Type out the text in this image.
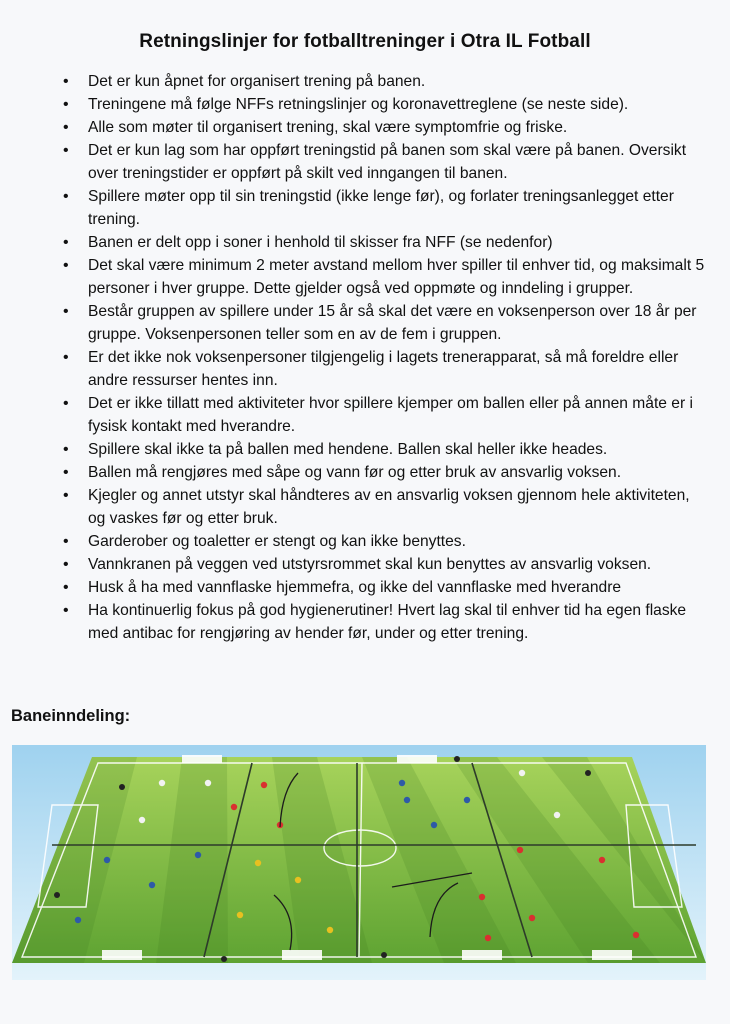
Retningslinjer for fotballtreninger i Otra IL Fotball
• Det er kun åpnet for organisert trening på banen.
• Treningene må følge NFFs retningslinjer og koronavettreglene (se neste side).
• Alle som møter til organisert trening, skal være symptomfrie og friske.
• Det er kun lag som har oppført treningstid på banen som skal være på banen. Oversikt over treningstider er oppført på skilt ved inngangen til banen.
• Spillere møter opp til sin treningstid (ikke lenge før), og forlater treningsanlegget etter trening.
• Banen er delt opp i soner i henhold til skisser fra NFF (se nedenfor)
• Det skal være minimum 2 meter avstand mellom hver spiller til enhver tid, og maksimalt 5 personer i hver gruppe. Dette gjelder også ved oppmøte og inndeling i grupper.
• Består gruppen av spillere under 15 år så skal det være en voksenperson over 18 år per gruppe. Voksenpersonen teller som en av de fem i gruppen.
• Er det ikke nok voksenpersoner tilgjengelig i lagets trenerapparat, så må foreldre eller andre ressurser hentes inn.
• Det er ikke tillatt med aktiviteter hvor spillere kjemper om ballen eller på annen måte er i fysisk kontakt med hverandre.
• Spillere skal ikke ta på ballen med hendene. Ballen skal heller ikke heades.
• Ballen må rengjøres med såpe og vann før og etter bruk av ansvarlig voksen.
• Kjegler og annet utstyr skal håndteres av en ansvarlig voksen gjennom hele aktiviteten, og vaskes før og etter bruk.
• Garderober og toaletter er stengt og kan ikke benyttes.
• Vannkranen på veggen ved utstyrsrommet skal kun benyttes av ansvarlig voksen.
• Husk å ha med vannflaske hjemmefra, og ikke del vannflaske med hverandre
• Ha kontinuerlig fokus på god hygienerutiner! Hvert lag skal til enhver tid ha egen flaske med antibac for rengjøring av hender før, under og etter trening.
Baneinndeling:
